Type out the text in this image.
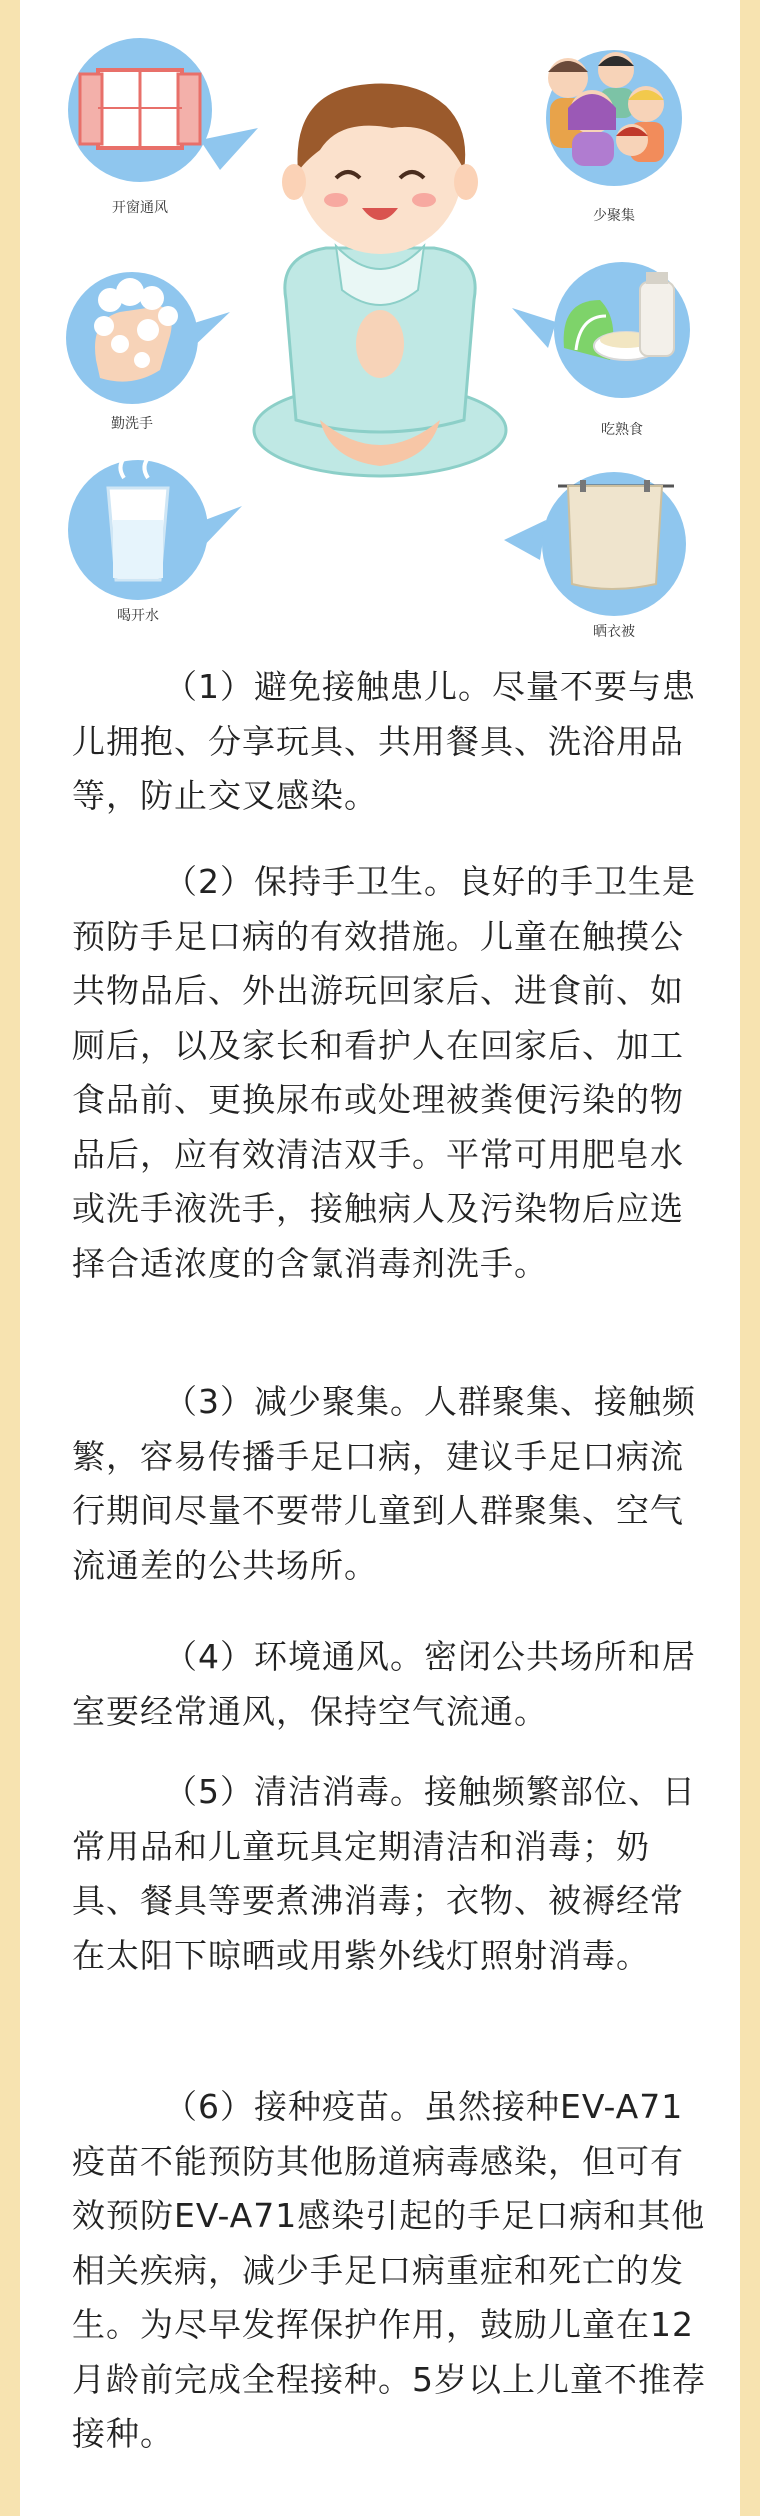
开窗通风	少聚集
勤洗手	吃熟食
喝开水
晒衣被

（1）避免接触患儿。尽量不要与患儿拥抱、分享玩具、共用餐具、洗浴用品等，防止交叉感染。

（2）保持手卫生。良好的手卫生是预防手足口病的有效措施。儿童在触摸公共物品后、外出游玩回家后、进食前、如厕后，以及家长和看护人在回家后、加工食品前、更换尿布或处理被粪便污染的物品后，应有效清洁双手。平常可用肥皂水或洗手液洗手，接触病人及污染物后应选择合适浓度的含氯消毒剂洗手。

（3）减少聚集。人群聚集、接触频繁，容易传播手足口病，建议手足口病流行期间尽量不要带儿童到人群聚集、空气流通差的公共场所。

（4）环境通风。密闭公共场所和居室要经常通风，保持空气流通。

（5）清洁消毒。接触频繁部位、日常用品和儿童玩具定期清洁和消毒；奶具、餐具等要煮沸消毒；衣物、被褥经常在太阳下晾晒或用紫外线灯照射消毒。

（6）接种疫苗。虽然接种EV-A71疫苗不能预防其他肠道病毒感染，但可有效预防EV-A71感染引起的手足口病和其他相关疾病，减少手足口病重症和死亡的发生。为尽早发挥保护作用，鼓励儿童在12月龄前完成全程接种。5岁以上儿童不推荐接种。
